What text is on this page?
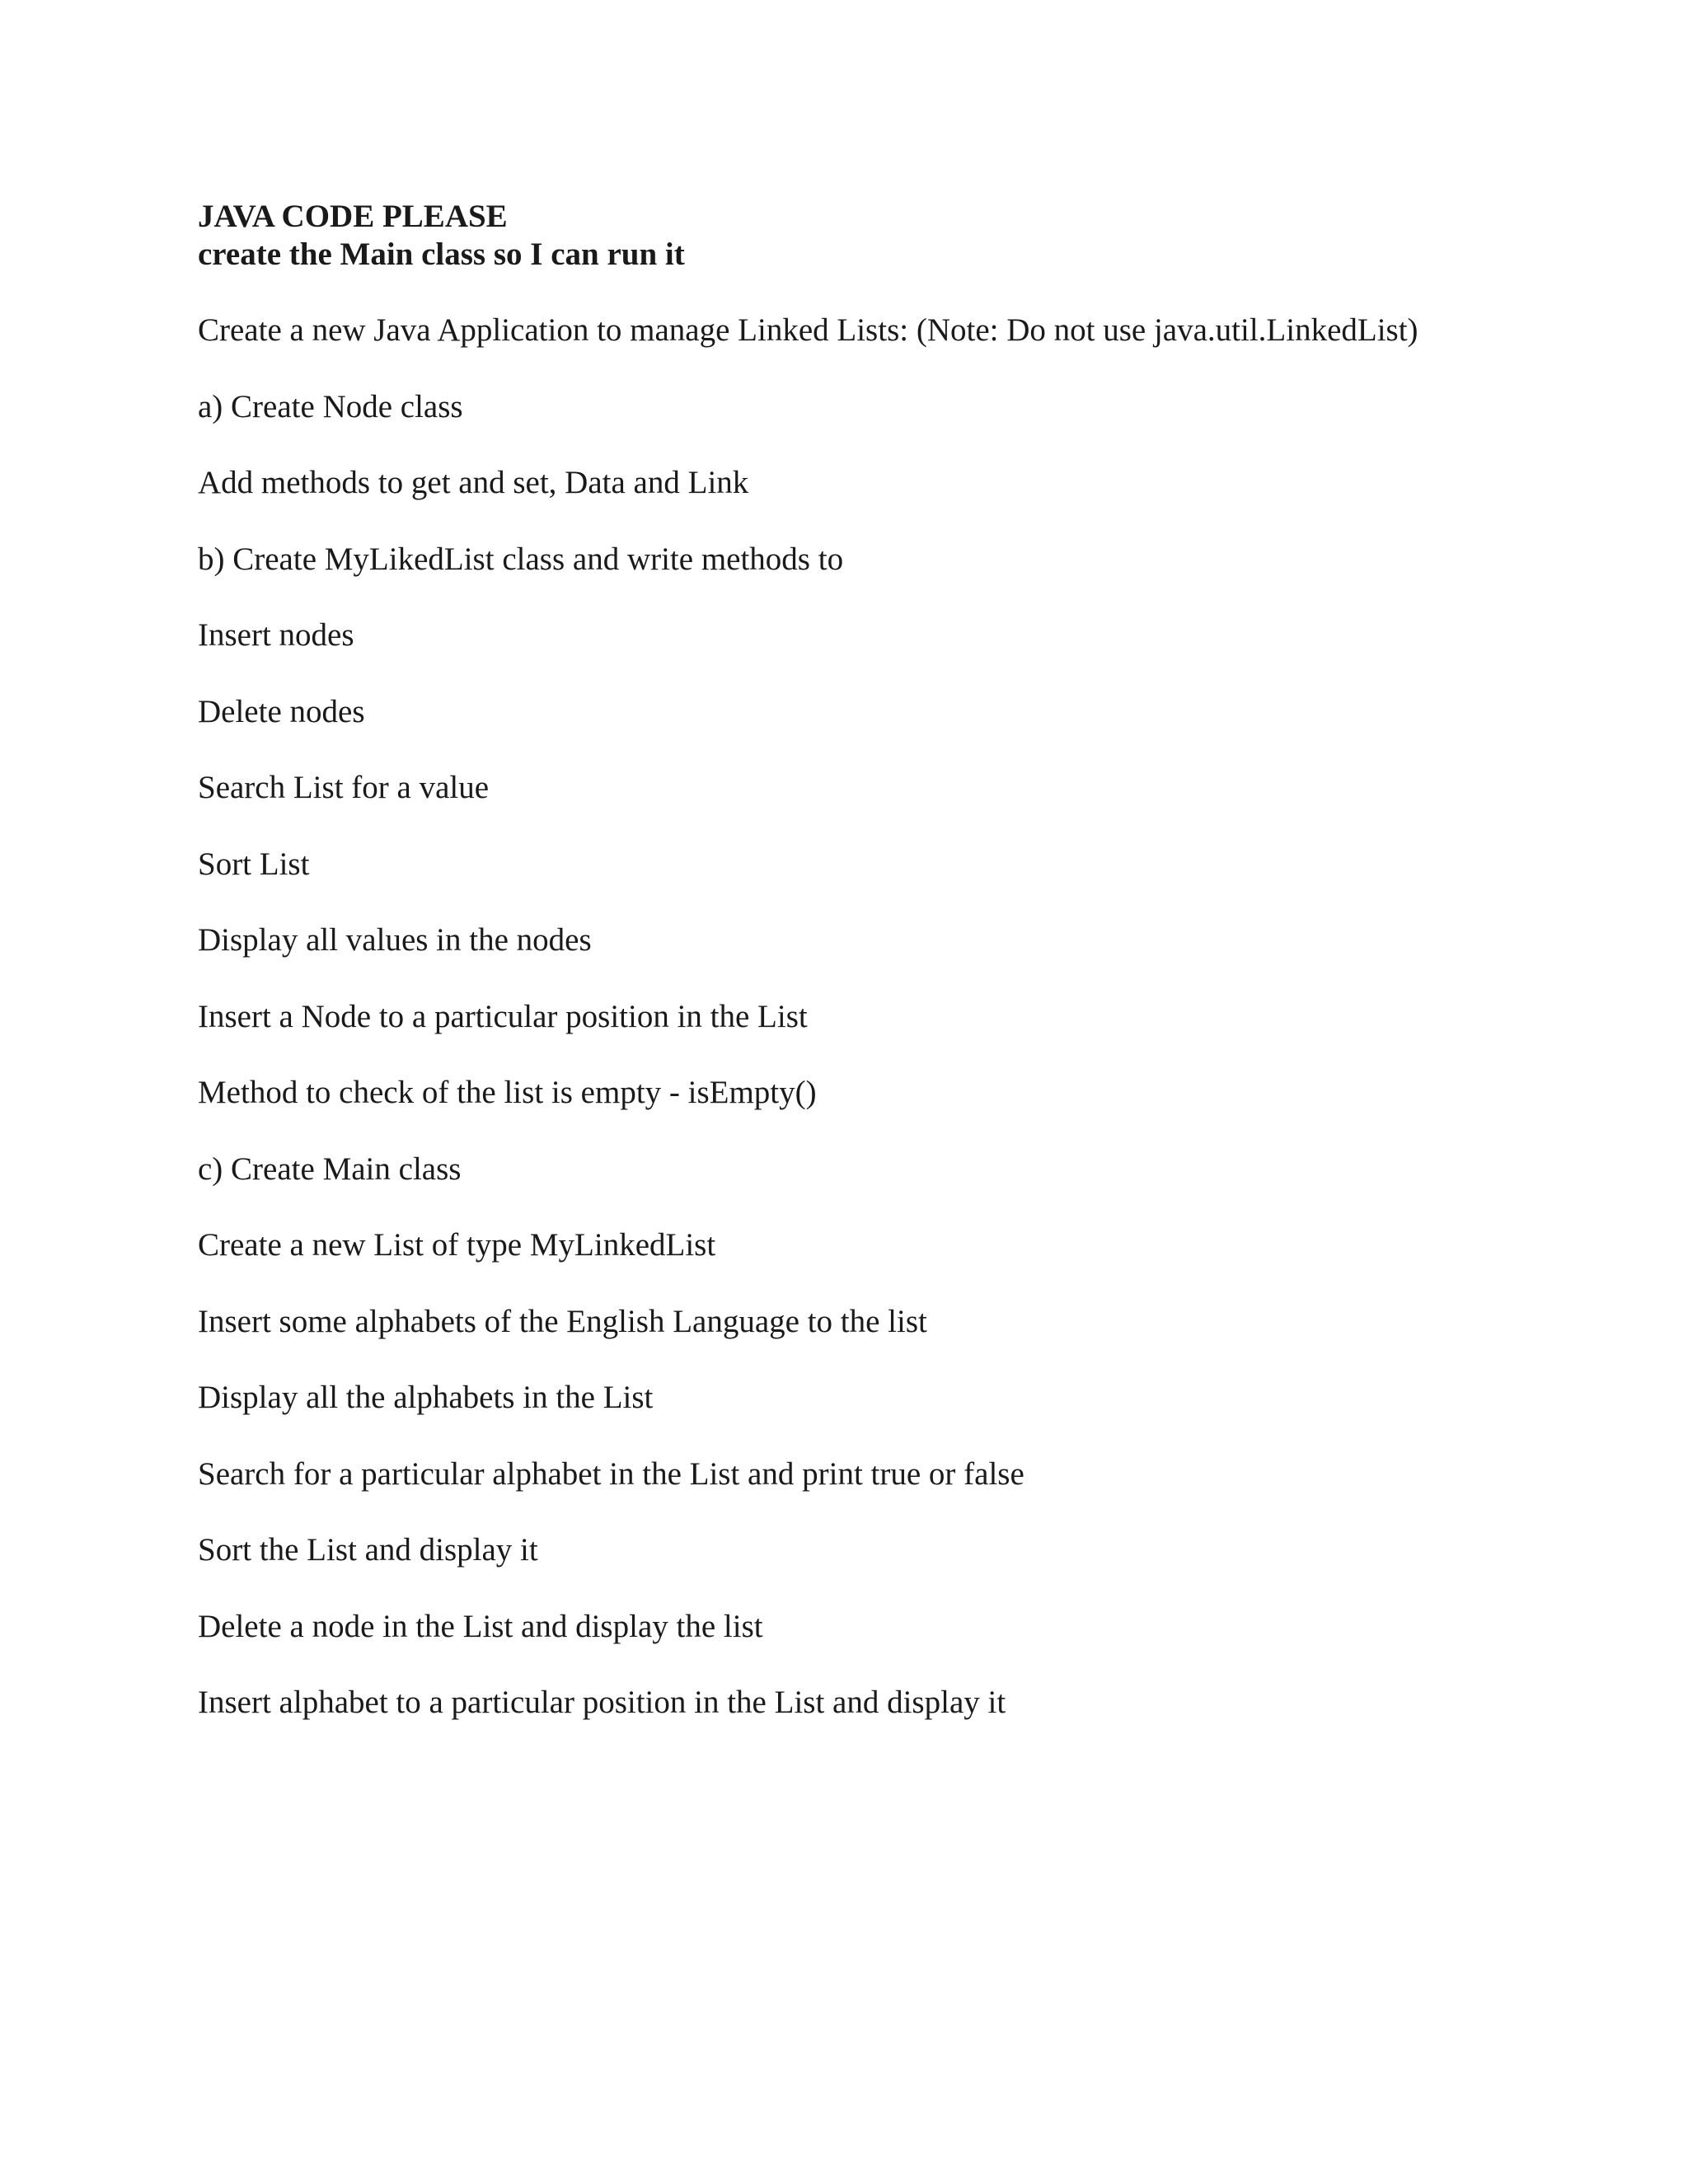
JAVA CODE PLEASE

create the Main class so I can run it

Create a new Java Application to manage Linked Lists: (Note: Do not use java.util.LinkedList)

a) Create Node class

Add methods to get and set, Data and Link

b) Create MyLikedList class and write methods to

Insert nodes

Delete nodes

Search List for a value

Sort List

Display all values in the nodes

Insert a Node to a particular position in the List

Method to check of the list is empty - isEmpty()

c) Create Main class

Create a new List of type MyLinkedList

Insert some alphabets of the English Language to the list

Display all the alphabets in the List

Search for a particular alphabet in the List and print true or false

Sort the List and display it

Delete a node in the List and display the list

Insert alphabet to a particular position in the List and display it
